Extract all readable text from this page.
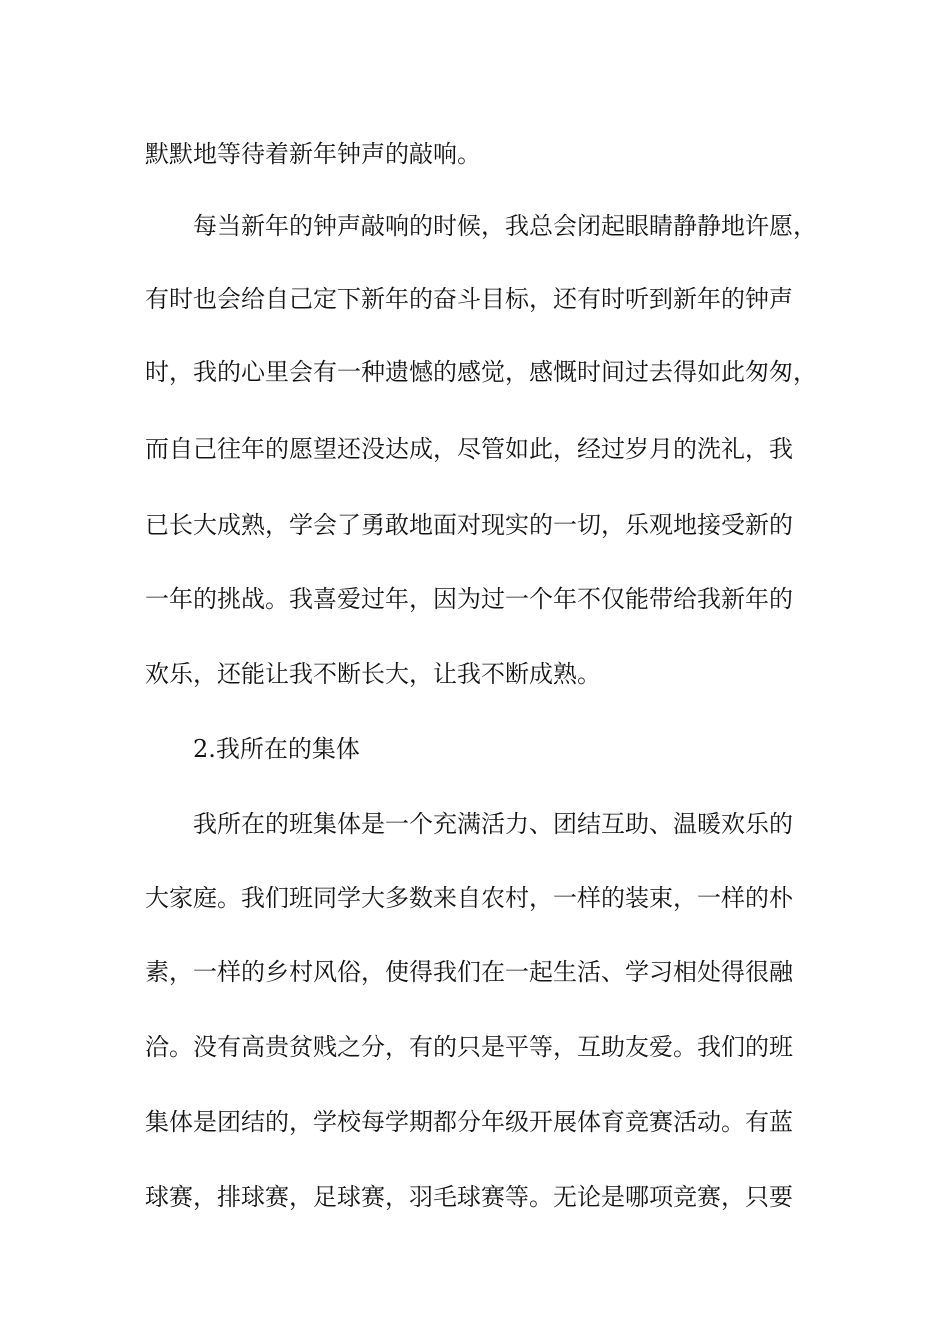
默默地等待着新年钟声的敲响。

每当新年的钟声敲响的时候，我总会闭起眼睛静静地许愿，

有时也会给自己定下新年的奋斗目标，还有时听到新年的钟声

时，我的心里会有一种遗憾的感觉，感慨时间过去得如此匆匆，

而自己往年的愿望还没达成，尽管如此，经过岁月的洗礼，我

已长大成熟，学会了勇敢地面对现实的一切，乐观地接受新的

一年的挑战。我喜爱过年，因为过一个年不仅能带给我新年的

欢乐，还能让我不断长大，让我不断成熟。

2.我所在的集体

我所在的班集体是一个充满活力、团结互助、温暖欢乐的

大家庭。我们班同学大多数来自农村，一样的装束，一样的朴

素，一样的乡村风俗，使得我们在一起生活、学习相处得很融

洽。没有高贵贫贱之分，有的只是平等，互助友爱。我们的班

集体是团结的，学校每学期都分年级开展体育竞赛活动。有蓝

球赛，排球赛，足球赛，羽毛球赛等。无论是哪项竞赛，只要
